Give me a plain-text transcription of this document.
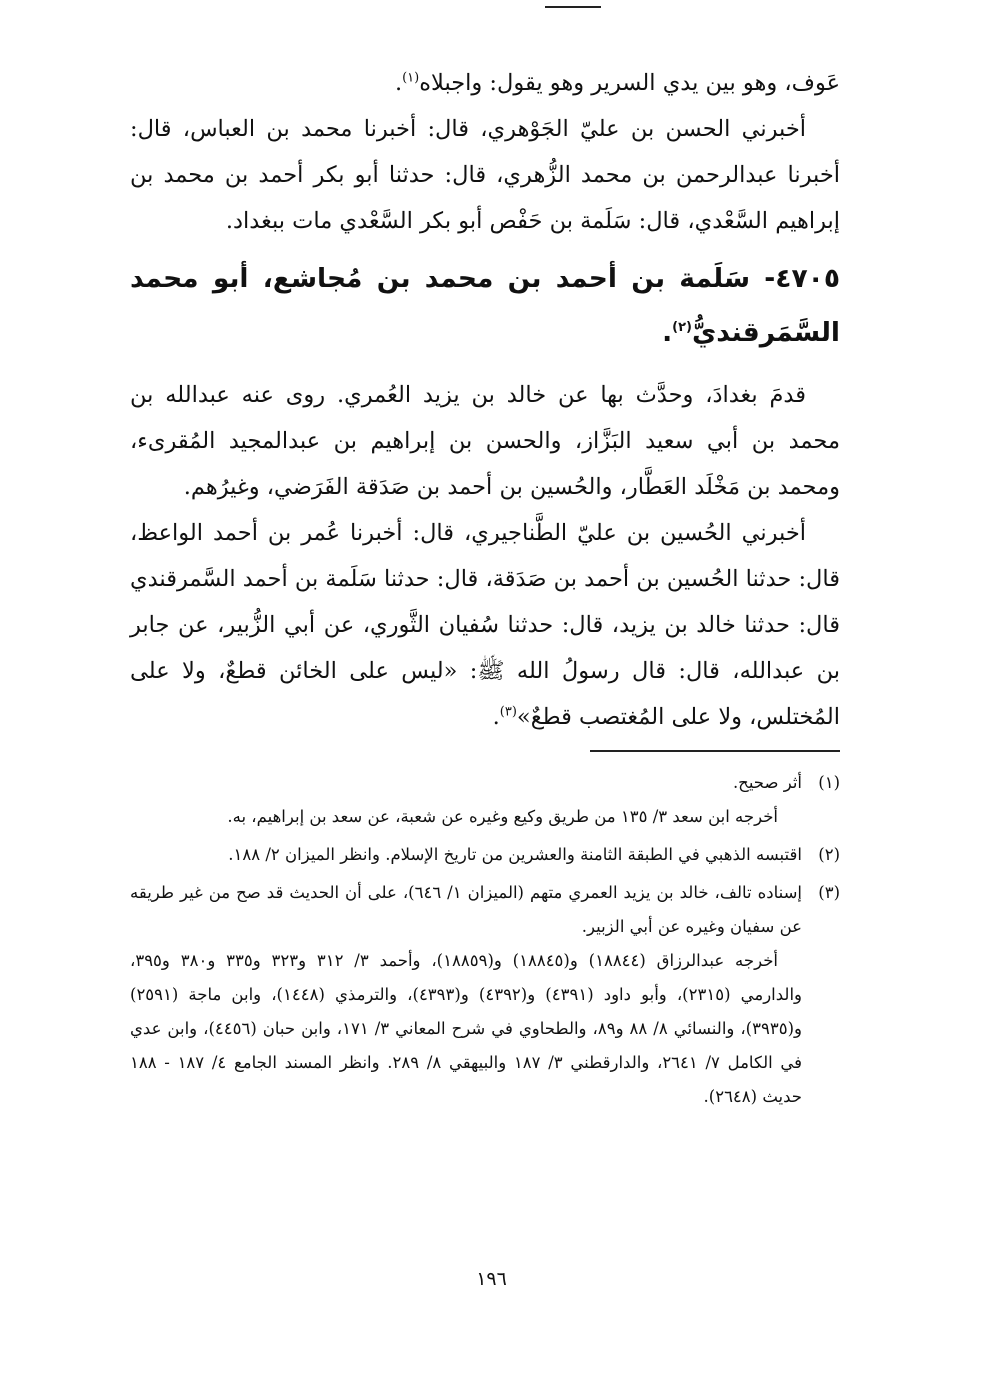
عَوف، وهو بين يدي السرير وهو يقول: واجبلاه$^{(١)}$.

أخبرني الحسن بن عليّ الجَوْهري، قال: أخبرنا محمد بن العباس، قال: أخبرنا عبدالرحمن بن محمد الزُّهري، قال: حدثنا أبو بكر أحمد بن محمد بن إبراهيم السَّعْدي، قال: سَلَمة بن حَفْص أبو بكر السَّعْدي مات ببغداد.

٤٧٠٥- سَلَمة بن أحمد بن محمد بن مُجاشع، أبو محمد السَّمَرقنديُّ$^{(٢)}$.

قدمَ بغدادَ، وحدَّث بها عن خالد بن يزيد العُمري. روى عنه عبدالله بن محمد بن أبي سعيد البَزَّاز، والحسن بن إبراهيم بن عبدالمجيد المُقرىء، ومحمد بن مَخْلَد العَطَّار، والحُسين بن أحمد بن صَدَقة الفَرَضي، وغيرُهم.

أخبرني الحُسين بن عليّ الطَّناجيري، قال: أخبرنا عُمر بن أحمد الواعظ، قال: حدثنا الحُسين بن أحمد بن صَدَقة، قال: حدثنا سَلَمة بن أحمد السَّمرقندي قال: حدثنا خالد بن يزيد، قال: حدثنا سُفيان الثَّوري، عن أبي الزُّبير، عن جابر بن عبدالله، قال: قال رسولُ الله ﷺ: «ليس على الخائن قطعٌ، ولا على المُختلس، ولا على المُغتصب قطعٌ»$^{(٣)}$.

(١)
أثر صحيح.
أخرجه ابن سعد ٣/ ١٣٥ من طريق وكيع وغيره عن شعبة، عن سعد بن إبراهيم، به.
(٢)
اقتبسه الذهبي في الطبقة الثامنة والعشرين من تاريخ الإسلام. وانظر الميزان ٢/ ١٨٨.
(٣)
إسناده تالف، خالد بن يزيد العمري متهم (الميزان ١/ ٦٤٦)، على أن الحديث قد صح من غير طريقه عن سفيان وغيره عن أبي الزبير.
أخرجه عبدالرزاق (١٨٨٤٤) و(١٨٨٤٥) و(١٨٨٥٩)، وأحمد ٣/ ٣١٢ و٣٢٣ و٣٣٥ و٣٨٠ و٣٩٥، والدارمي (٢٣١٥)، وأبو داود (٤٣٩١) و(٤٣٩٢) و(٤٣٩٣)، والترمذي (١٤٤٨)، وابن ماجة (٢٥٩١) و(٣٩٣٥)، والنسائي ٨/ ٨٨ و٨٩، والطحاوي في شرح المعاني ٣/ ١٧١، وابن حبان (٤٤٥٦)، وابن عدي في الكامل ٧/ ٢٦٤١، والدارقطني ٣/ ١٨٧ والبيهقي ٨/ ٢٨٩. وانظر المسند الجامع ٤/ ١٨٧ - ١٨٨ حديث (٢٦٤٨).
١٩٦
